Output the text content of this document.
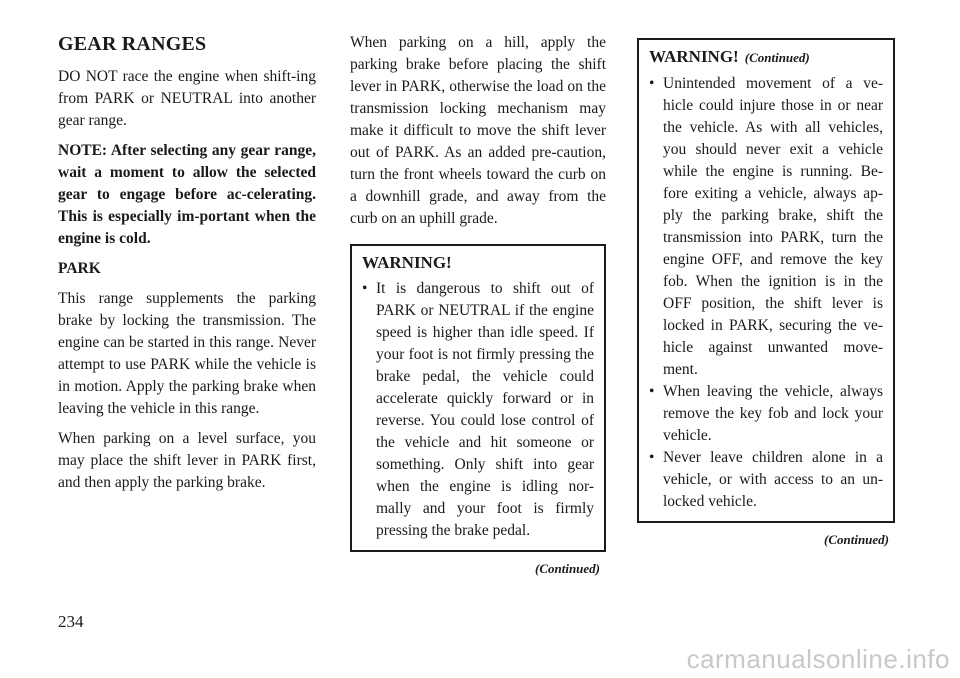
GEAR RANGES

DO NOT race the engine when shift-ing from PARK or NEUTRAL into another gear range.

NOTE: After selecting any gear range, wait a moment to allow the selected gear to engage before ac-celerating. This is especially im-portant when the engine is cold.

PARK

This range supplements the parking brake by locking the transmission. The engine can be started in this range. Never attempt to use PARK while the vehicle is in motion. Apply the parking brake when leaving the vehicle in this range.

When parking on a level surface, you may place the shift lever in PARK first, and then apply the parking brake.

When parking on a hill, apply the parking brake before placing the shift lever in PARK, otherwise the load on the transmission locking mechanism may make it difficult to move the shift lever out of PARK. As an added pre-caution, turn the front wheels toward the curb on a downhill grade, and away from the curb on an uphill grade.

WARNING!
• It is dangerous to shift out of PARK or NEUTRAL if the engine speed is higher than idle speed. If your foot is not firmly pressing the brake pedal, the vehicle could accelerate quickly forward or in reverse. You could lose control of the vehicle and hit someone or something. Only shift into gear when the engine is idling nor-mally and your foot is firmly pressing the brake pedal.
(Continued)
WARNING! (Continued)
• Unintended movement of a ve-hicle could injure those in or near the vehicle. As with all vehicles, you should never exit a vehicle while the engine is running. Be-fore exiting a vehicle, always ap-ply the parking brake, shift the transmission into PARK, turn the engine OFF, and remove the key fob. When the ignition is in the OFF position, the shift lever is locked in PARK, securing the ve-hicle against unwanted move-ment.
• When leaving the vehicle, always remove the key fob and lock your vehicle.
• Never leave children alone in a vehicle, or with access to an un-locked vehicle.
(Continued)
234
carmanualsonline.info
